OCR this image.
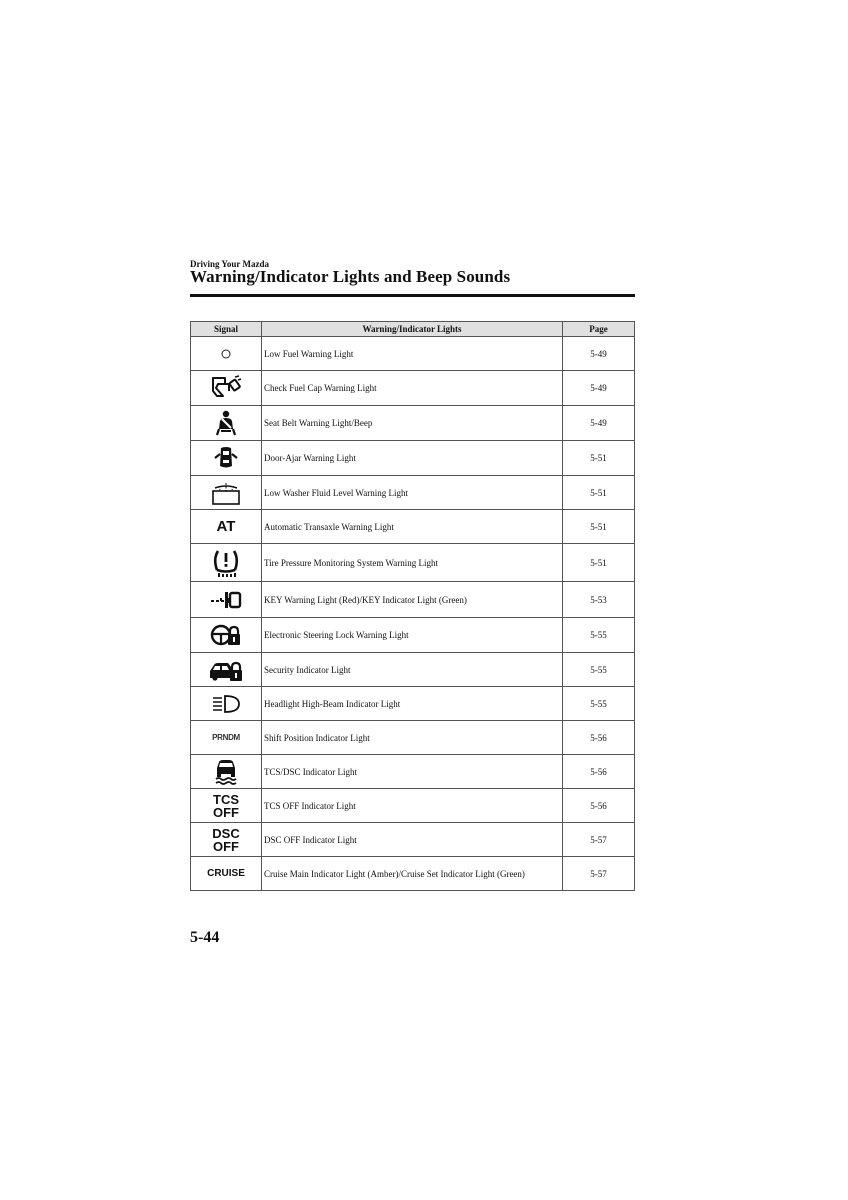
Driving Your Mazda
Warning/Indicator Lights and Beep Sounds
Signal	Warning/Indicator Lights	Page
	Low Fuel Warning Light	5-49
	Check Fuel Cap Warning Light	5-49
	Seat Belt Warning Light/Beep	5-49
	Door-Ajar Warning Light	5-51
	Low Washer Fluid Level Warning Light	5-51
AT	Automatic Transaxle Warning Light	5-51
	Tire Pressure Monitoring System Warning Light	5-51
	KEY Warning Light (Red)/KEY Indicator Light (Green)	5-53
	Electronic Steering Lock Warning Light	5-55
	Security Indicator Light	5-55
	Headlight High-Beam Indicator Light	5-55
PRNDM	Shift Position Indicator Light	5-56
	TCS/DSC Indicator Light	5-56
TCS
OFF	TCS OFF Indicator Light	5-56
DSC
OFF	DSC OFF Indicator Light	5-57
CRUISE	Cruise Main Indicator Light (Amber)/Cruise Set Indicator Light (Green)	5-57
5-44
